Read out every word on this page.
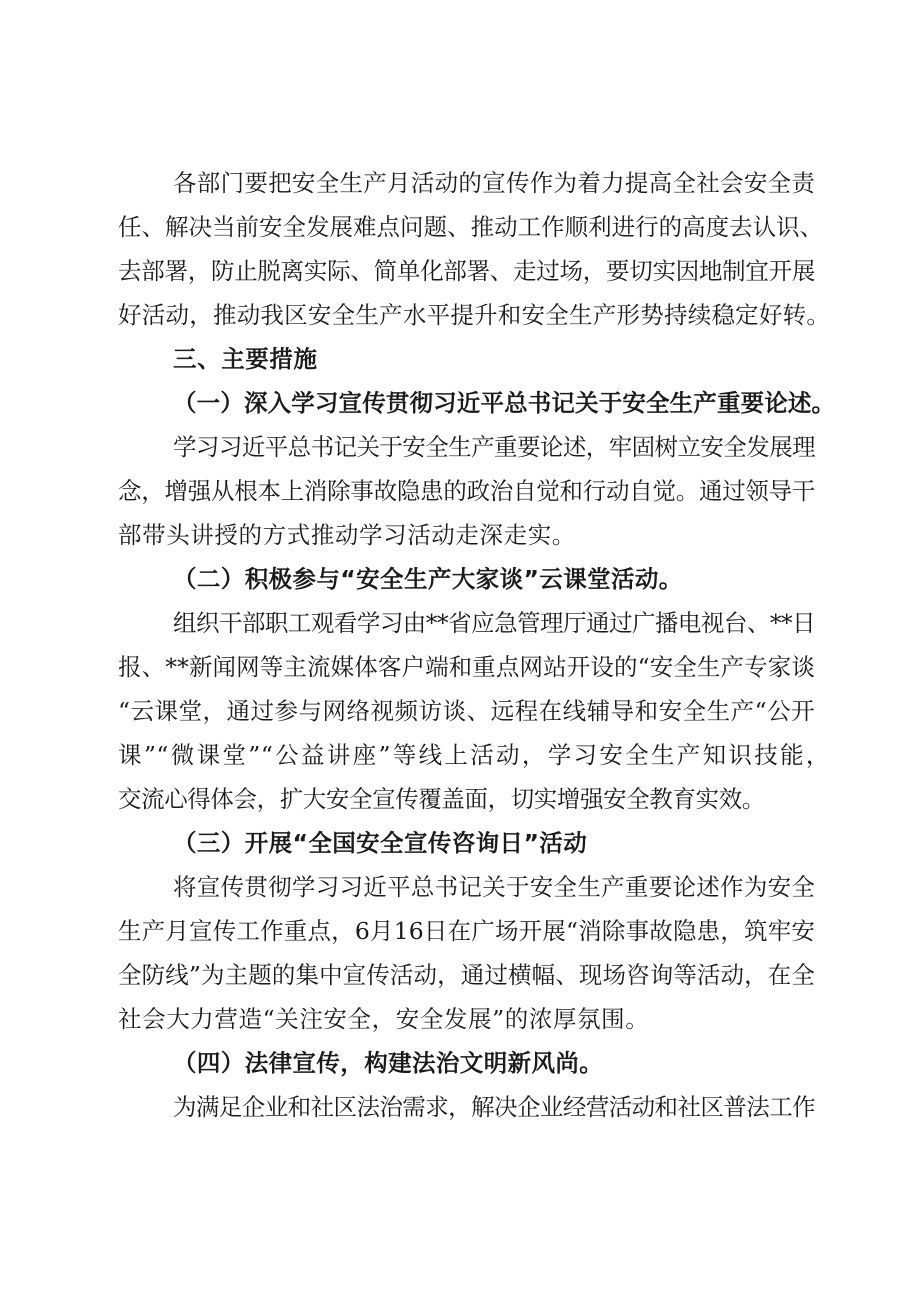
各部门要把安全生产月活动的宣传作为着力提高全社会安全责
任、解决当前安全发展难点问题、推动工作顺利进行的高度去认识、
去部署，防止脱离实际、简单化部署、走过场，要切实因地制宜开展
好活动，推动我区安全生产水平提升和安全生产形势持续稳定好转。
三、主要措施
（一）深入学习宣传贯彻习近平总书记关于安全生产重要论述。
学习习近平总书记关于安全生产重要论述，牢固树立安全发展理
念，增强从根本上消除事故隐患的政治自觉和行动自觉。通过领导干
部带头讲授的方式推动学习活动走深走实。
（二）积极参与“安全生产大家谈”云课堂活动。
组织干部职工观看学习由**省应急管理厅通过广播电视台、**日
报、**新闻网等主流媒体客户端和重点网站开设的“安全生产专家谈
“云课堂，通过参与网络视频访谈、远程在线辅导和安全生产“公开
课”“微课堂”“公益讲座”等线上活动，学习安全生产知识技能，
交流心得体会，扩大安全宣传覆盖面，切实增强安全教育实效。
（三）开展“全国安全宣传咨询日”活动
将宣传贯彻学习习近平总书记关于安全生产重要论述作为安全
生产月宣传工作重点，6月16日在广场开展“消除事故隐患，筑牢安
全防线”为主题的集中宣传活动，通过横幅、现场咨询等活动，在全
社会大力营造“关注安全，安全发展”的浓厚氛围。
（四）法律宣传，构建法治文明新风尚。
为满足企业和社区法治需求，解决企业经营活动和社区普法工作
